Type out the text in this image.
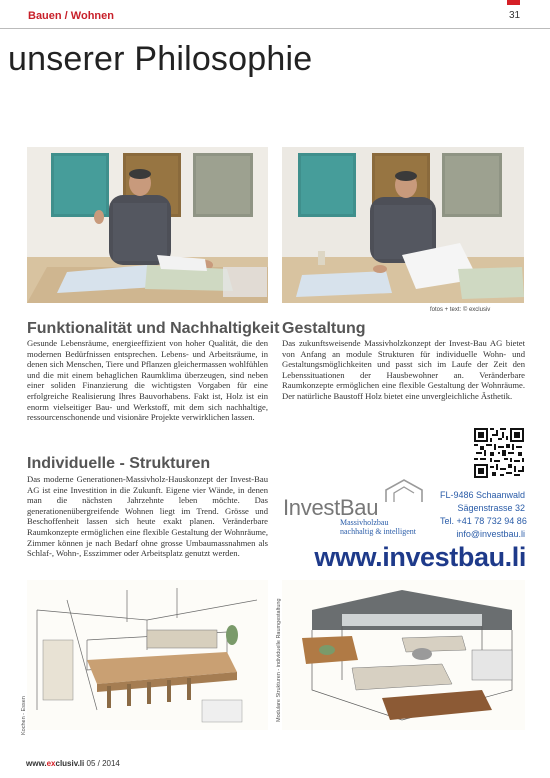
Bauen / Wohnen	31
unserer Philosophie
fotos + text: © exclusiv
Funktionalität und Nachhaltigkeit

Gesunde Lebensräume, energieeffizient von hoher Qualität, die den modernen Bedürfnissen entsprechen. Lebens- und Arbeitsräume, in denen sich Menschen, Tiere und Pflanzen gleichermassen wohlfühlen und die mit einem behaglichen Raumklima überzeugen, sind neben einer soliden Finanzierung die wichtigsten Vorgaben für eine erfolgreiche Realisierung Ihres Bauvorhabens. Fakt ist, Holz ist ein enorm vielseitiger Bau- und Werkstoff, mit dem sich nachhaltige, ressourcenschonende und visionäre Projekte verwirklichen lassen.

Gestaltung

Das zukunftsweisende Massivholzkonzept der Invest-Bau AG bietet von Anfang an module Strukturen für individuelle Wohn- und Gestaltungsmöglichkeiten und passt sich im Laufe der Zeit den Lebenssituationen der Hausbewohner an. Veränderbare Raumkonzepte ermöglichen eine flexible Gestaltung der Wohnräume. Der natürliche Baustoff Holz bietet eine unvergleichliche Ästhetik.

Individuelle - Strukturen

Das moderne Generationen-Massivholz-Hauskonzept der Invest-Bau AG ist eine Investition in die Zukunft. Eigene vier Wände, in denen man die nächsten Jahrzehnte leben möchte. Das generationenübergreifende Wohnen liegt im Trend. Grösse und Beschoffenheit lassen sich heute exakt planen. Veränderbare Raumkonzepte ermöglichen eine flexible Gestaltung der Wohnräume, Zimmer können je nach Bedarf ohne grosse Umbaumassnahmen als Schlaf-, Wohn-, Esszimmer oder Arbeitsplatz genutzt werden.

InvestBau
Massivholzbau
nachhaltig & intelligent
FL-9486 Schaanwald
Sägenstrasse 32
Tel. +41 78 732 94 86
info@investbau.li
www.investbau.li
Kochen - Essen	Modulare Strukturen - individuelle Raumgestaltung
www.exclusiv.li 05 / 2014
